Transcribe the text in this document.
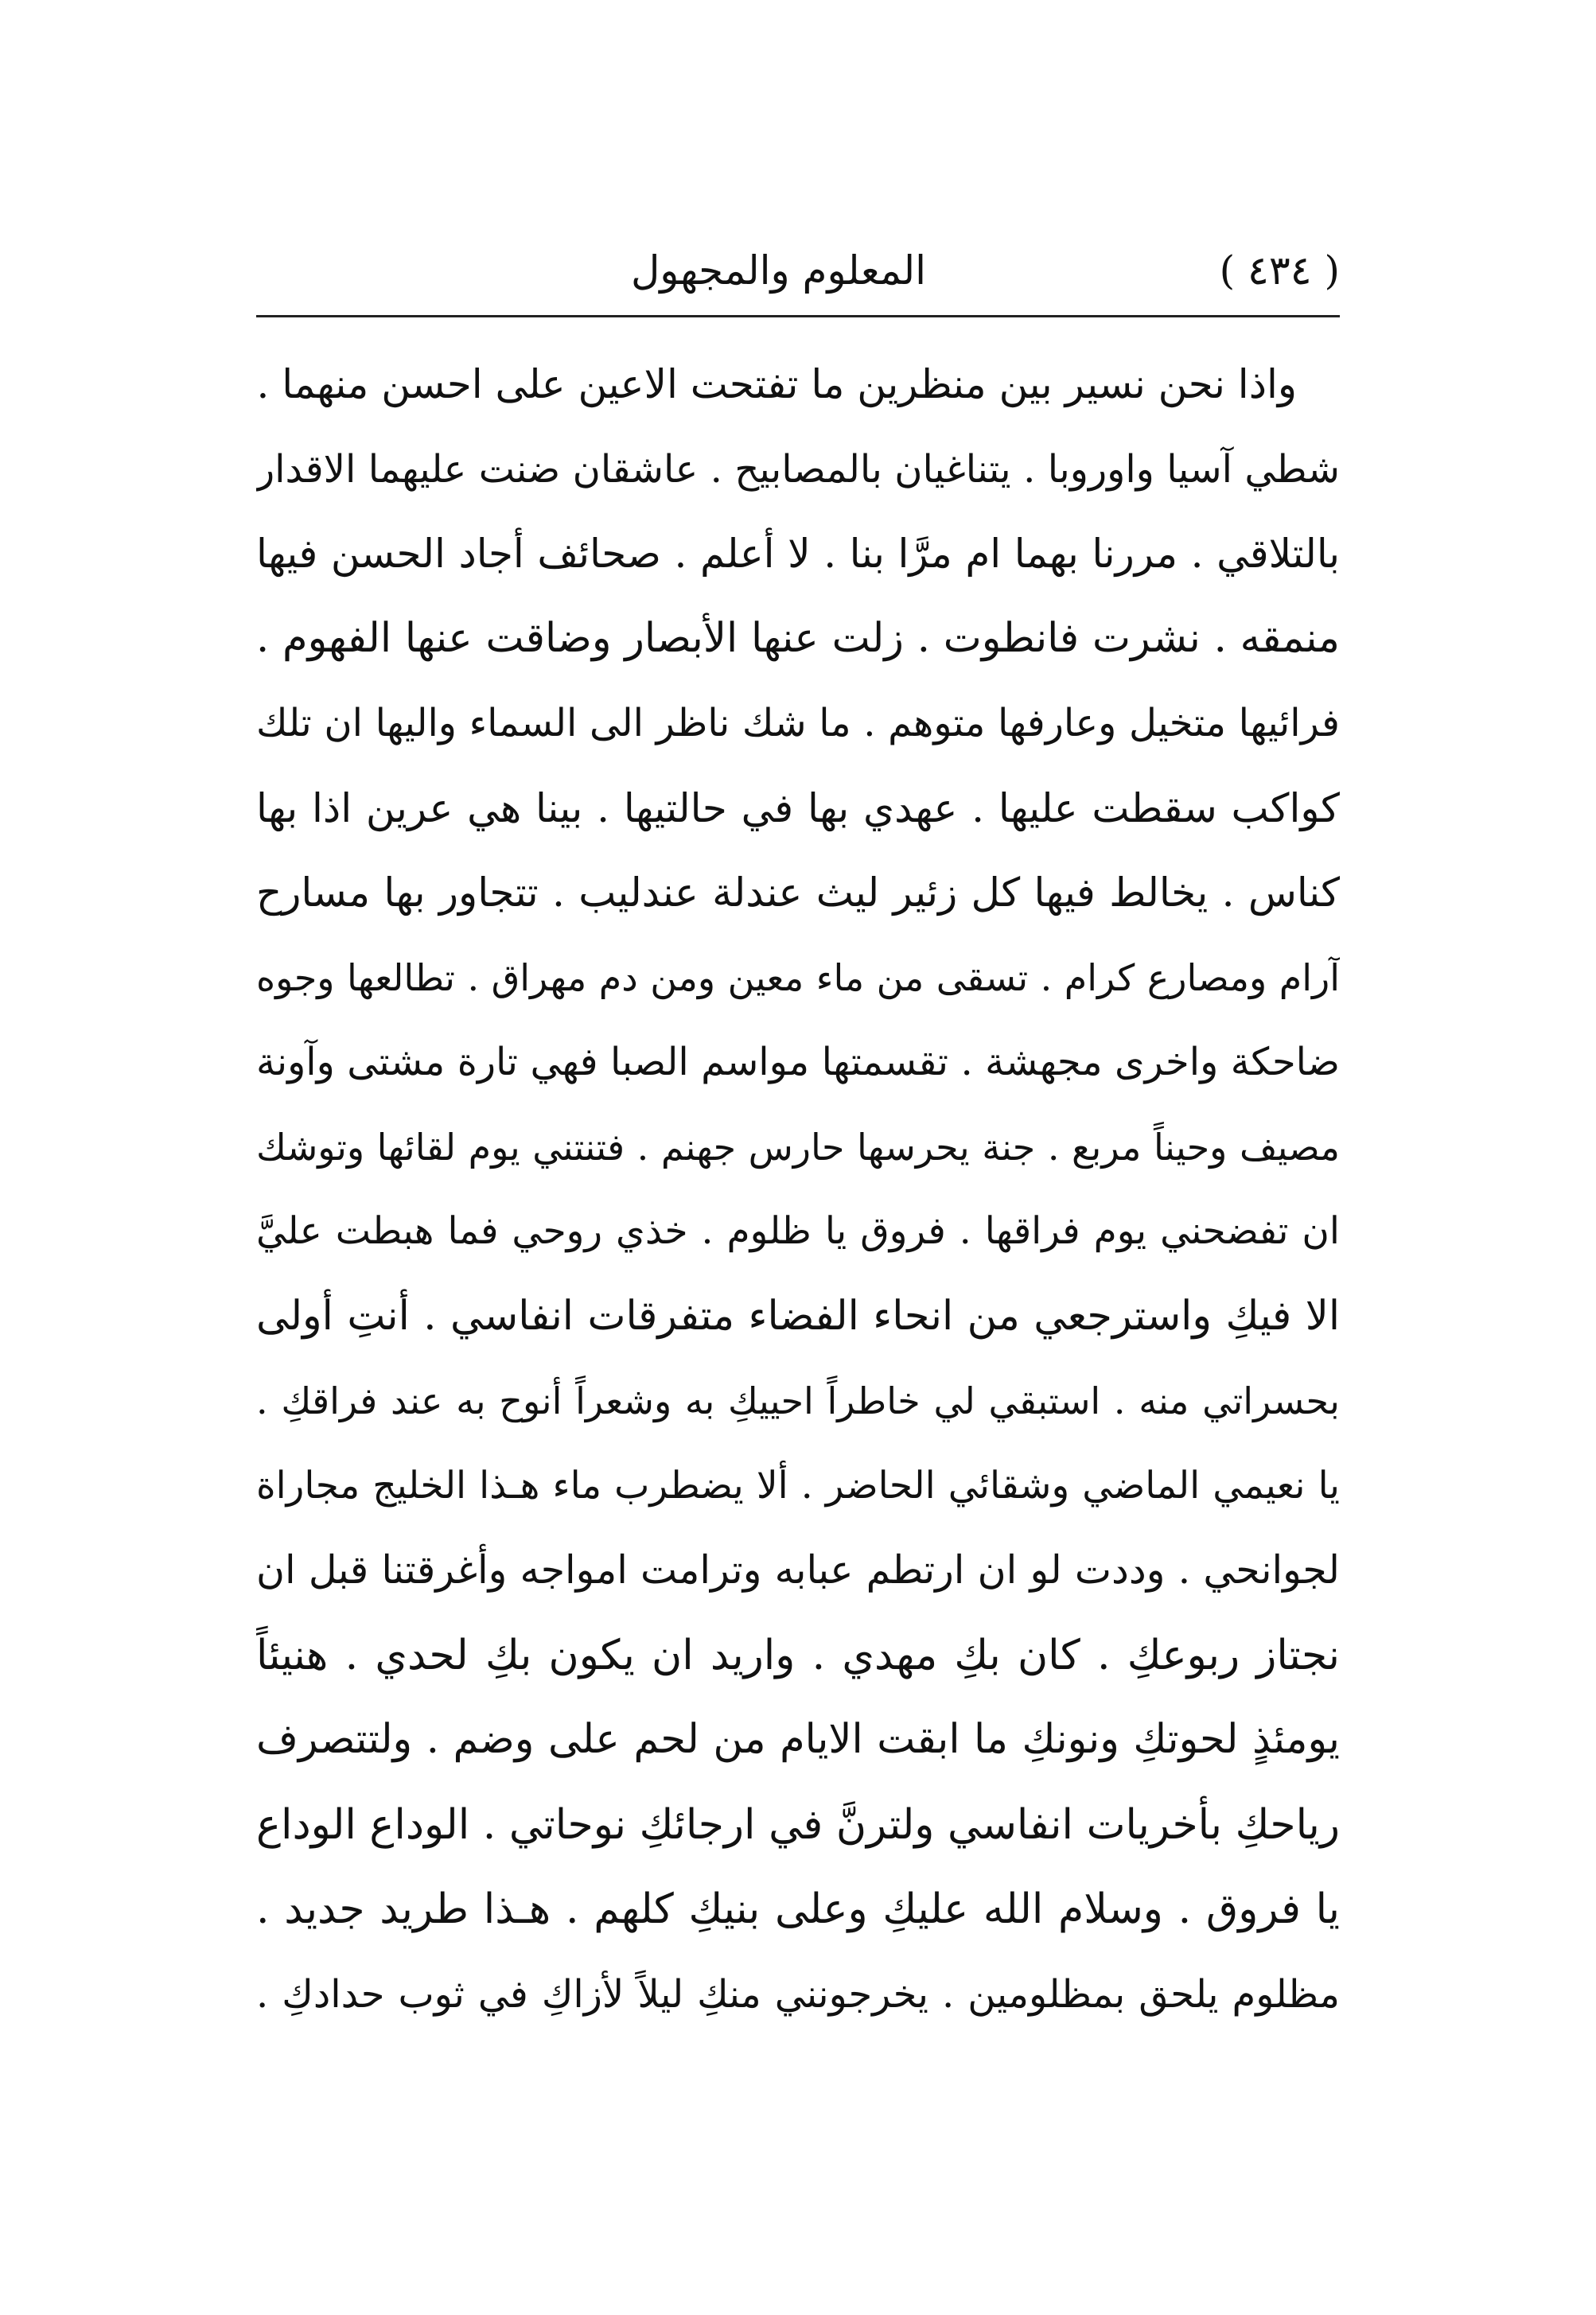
( ٤٣٤ )
المعلوم والمجهول
واذا نحن نسير بين منظرين ما تفتحت الاعين على احسن منهما .
شطي آسيا واوروبا . يتناغيان بالمصابيح . عاشقان ضنت عليهما الاقدار
بالتلاقي . مررنا بهما ام مرَّا بنا . لا أعلم . صحائف أجاد الحسن فيها
منمقه . نشرت فانطوت . زلت عنها الأبصار وضاقت عنها الفهوم .
فرائيها متخيل وعارفها متوهم . ما شك ناظر الى السماء واليها ان تلك
كواكب سقطت عليها . عهدي بها في حالتيها . بينا هي عرين اذا بها
كناس . يخالط فيها كل زئير ليث عندلة عندليب . تتجاور بها مسارح
آرام ومصارع كرام . تسقى من ماء معين ومن دم مهراق . تطالعها وجوه
ضاحكة واخرى مجهشة . تقسمتها مواسم الصبا فهي تارة مشتى وآونة
مصيف وحيناً مربع . جنة يحرسها حارس جهنم . فتنتني يوم لقائها وتوشك
ان تفضحني يوم فراقها . فروق يا ظلوم . خذي روحي فما هبطت عليَّ
الا فيكِ واسترجعي من انحاء الفضاء متفرقات انفاسي . أنتِ أولى
بحسراتي منه . استبقي لي خاطراً احييكِ به وشعراً أنوح به عند فراقكِ .
يا نعيمي الماضي وشقائي الحاضر . ألا يضطرب ماء هـذا الخليج مجاراة
لجوانحي . وددت لو ان ارتطم عبابه وترامت امواجه وأغرقتنا قبل ان
نجتاز ربوعكِ . كان بكِ مهدي . واريد ان يكون بكِ لحدي . هنيئاً
يومئذٍ لحوتكِ ونونكِ ما ابقت الايام من لحم على وضم . ولتتصرف
رياحكِ بأخريات انفاسي ولترنَّ في ارجائكِ نوحاتي . الوداع الوداع
يا فروق . وسلام الله عليكِ وعلى بنيكِ كلهم . هـذا طريد جديد .
مظلوم يلحق بمظلومين . يخرجونني منكِ ليلاً لأزاكِ في ثوب حدادكِ .
